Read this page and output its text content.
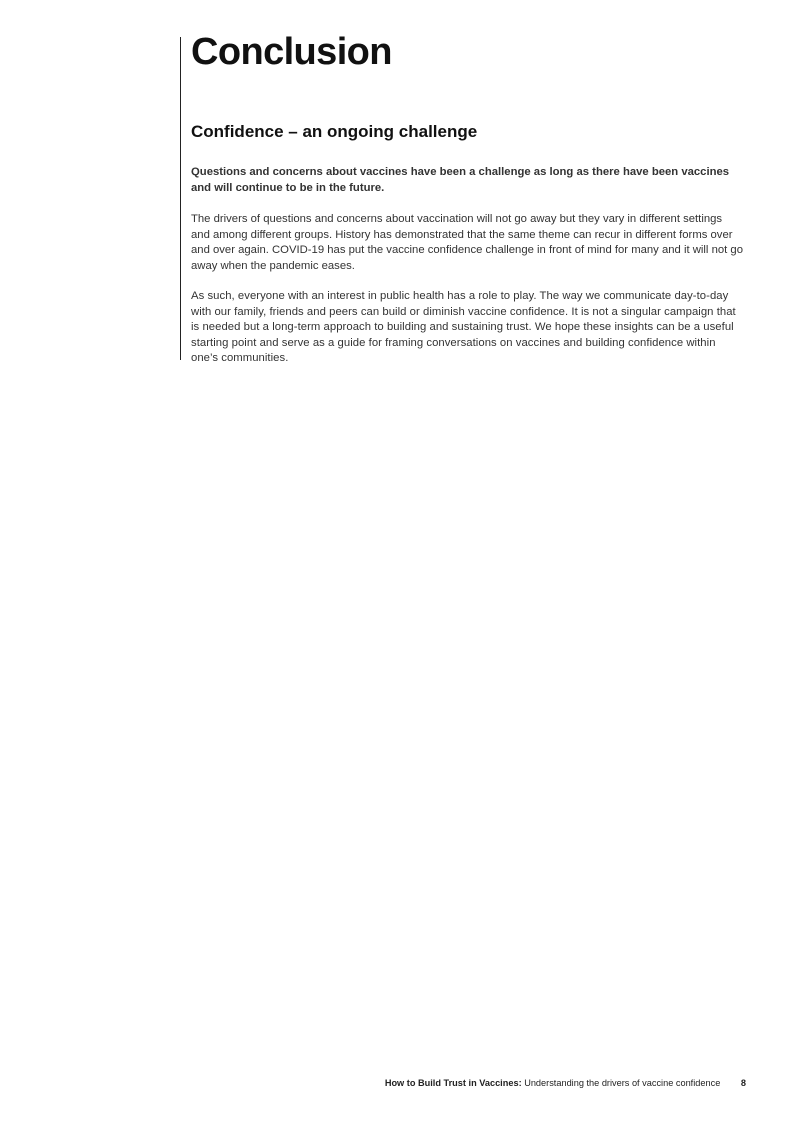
Conclusion
Confidence – an ongoing challenge

Questions and concerns about vaccines have been a challenge as long as there have been vaccines and will continue to be in the future.

The drivers of questions and concerns about vaccination will not go away but they vary in different settings and among different groups. History has demonstrated that the same theme can recur in different forms over and over again. COVID-19 has put the vaccine confidence challenge in front of mind for many and it will not go away when the pandemic eases.

As such, everyone with an interest in public health has a role to play. The way we communicate day-to-day with our family, friends and peers can build or diminish vaccine confidence. It is not a singular campaign that is needed but a long-term approach to building and sustaining trust. We hope these insights can be a useful starting point and serve as a guide for framing conversations on vaccines and building confidence within one’s communities.

How to Build Trust in Vaccines: Understanding the drivers of vaccine confidence 8
